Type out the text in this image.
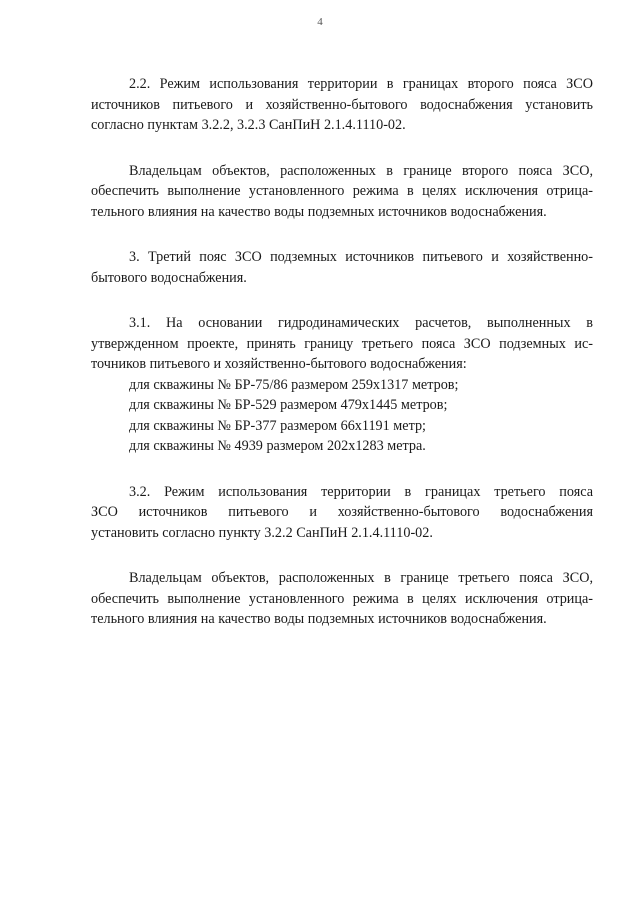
4
2.2. Режим использования территории в границах второго пояса ЗСО
источников питьевого и хозяйственно-бытового водоснабжения установить
согласно пунктам 3.2.2, 3.2.3 СанПиН 2.1.4.1110-02.
Владельцам объектов, расположенных в границе второго пояса ЗСО,
обеспечить выполнение установленного режима в целях исключения отрица-
тельного влияния на качество воды подземных источников водоснабжения.
3. Третий пояс ЗСО подземных источников питьевого и хозяйственно-
бытового водоснабжения.
3.1. На основании гидродинамических расчетов, выполненных в
утвержденном проекте, принять границу третьего пояса ЗСО подземных ис-
точников питьевого и хозяйственно-бытового водоснабжения:
для скважины № БР-75/86 размером 259х1317 метров;
для скважины № БР-529 размером 479х1445 метров;
для скважины № БР-377 размером 66х1191 метр;
для скважины № 4939 размером 202х1283 метра.
3.2. Режим использования территории в границах третьего пояса
ЗСО источников питьевого и хозяйственно-бытового водоснабжения
установить согласно пункту 3.2.2 СанПиН 2.1.4.1110-02.
Владельцам объектов, расположенных в границе третьего пояса ЗСО,
обеспечить выполнение установленного режима в целях исключения отрица-
тельного влияния на качество воды подземных источников водоснабжения.
